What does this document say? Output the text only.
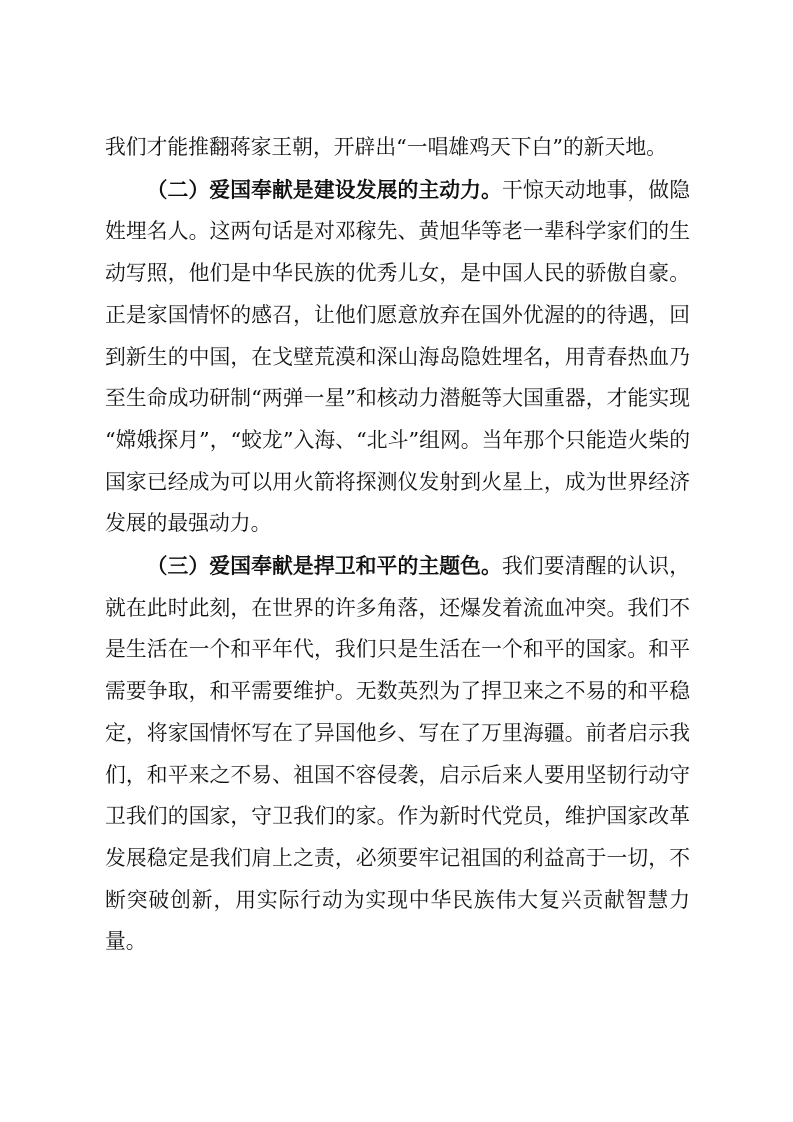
我们才能推翻蒋家王朝，开辟出“一唱雄鸡天下白”的新天地。

（二）爱国奉献是建设发展的主动力。干惊天动地事，做隐姓埋名人。这两句话是对邓稼先、黄旭华等老一辈科学家们的生动写照，他们是中华民族的优秀儿女，是中国人民的骄傲自豪。正是家国情怀的感召，让他们愿意放弃在国外优渥的的待遇，回到新生的中国，在戈壁荒漠和深山海岛隐姓埋名，用青春热血乃至生命成功研制“两弹一星”和核动力潜艇等大国重器，才能实现“嫦娥探月”，“蛟龙”入海、“北斗”组网。当年那个只能造火柴的国家已经成为可以用火箭将探测仪发射到火星上，成为世界经济发展的最强动力。

（三）爱国奉献是捍卫和平的主题色。我们要清醒的认识，就在此时此刻，在世界的许多角落，还爆发着流血冲突。我们不是生活在一个和平年代，我们只是生活在一个和平的国家。和平需要争取，和平需要维护。无数英烈为了捍卫来之不易的和平稳定，将家国情怀写在了异国他乡、写在了万里海疆。前者启示我们，和平来之不易、祖国不容侵袭，启示后来人要用坚韧行动守卫我们的国家，守卫我们的家。作为新时代党员，维护国家改革发展稳定是我们肩上之责，必须要牢记祖国的利益高于一切，不断突破创新，用实际行动为实现中华民族伟大复兴贡献智慧力量。
